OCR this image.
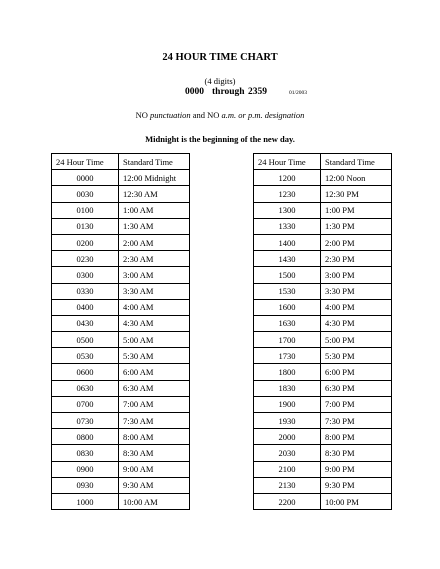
24 HOUR TIME CHART
(4 digits)
0000 through 2359	01/2003
NO punctuation and NO a.m. or p.m. designation
Midnight is the beginning of the new day.
24 Hour Time	Standard Time
0000	12:00 Midnight
0030	12:30 AM
0100	1:00 AM
0130	1:30 AM
0200	2:00 AM
0230	2:30 AM
0300	3:00 AM
0330	3:30 AM
0400	4:00 AM
0430	4:30 AM
0500	5:00 AM
0530	5:30 AM
0600	6:00 AM
0630	6:30 AM
0700	7:00 AM
0730	7:30 AM
0800	8:00 AM
0830	8:30 AM
0900	9:00 AM
0930	9:30 AM
1000	10:00 AM
24 Hour Time	Standard Time
1200	12:00 Noon
1230	12:30 PM
1300	1:00 PM
1330	1:30 PM
1400	2:00 PM
1430	2:30 PM
1500	3:00 PM
1530	3:30 PM
1600	4:00 PM
1630	4:30 PM
1700	5:00 PM
1730	5:30 PM
1800	6:00 PM
1830	6:30 PM
1900	7:00 PM
1930	7:30 PM
2000	8:00 PM
2030	8:30 PM
2100	9:00 PM
2130	9:30 PM
2200	10:00 PM
